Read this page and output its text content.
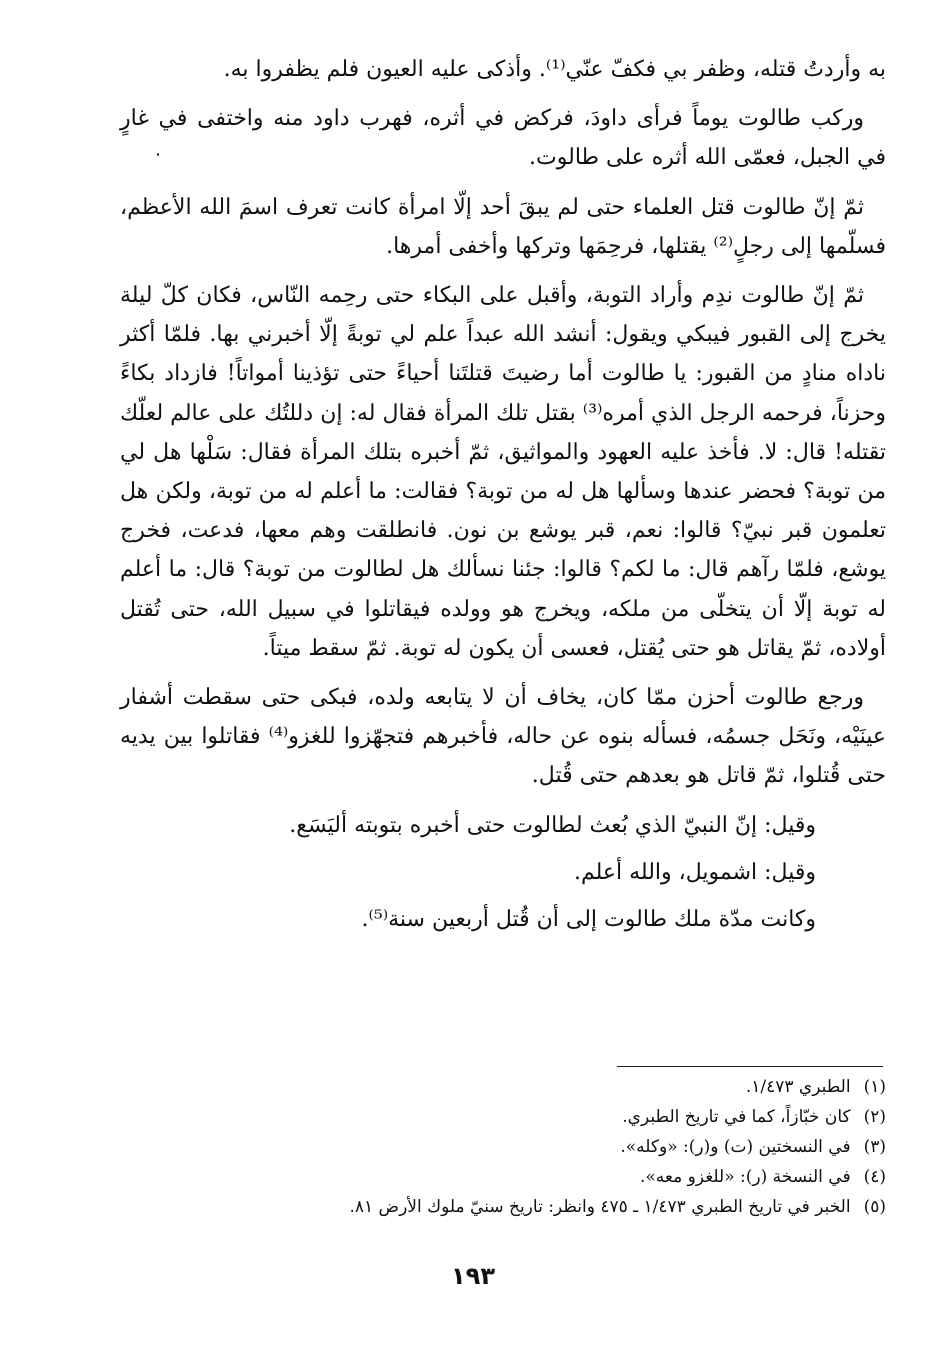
به وأردتُ قتله، وظفر بي فكفّ عنّي⁽¹⁾. وأذكى عليه العيون فلم يظفروا به.

وركب طالوت يوماً فرأى داودَ، فركض في أثره، فهرب داود منه واختفى في غارٍ في الجبل، فعمّى الله أثره على طالوت.

ثمّ إنّ طالوت قتل العلماء حتى لم يبقَ أحد إلّا امرأة كانت تعرف اسمَ الله الأعظم، فسلّمها إلى رجلٍ⁽²⁾ يقتلها، فرحِمَها وتركها وأخفى أمرها.

ثمّ إنّ طالوت ندِم وأراد التوبة، وأقبل على البكاء حتى رحِمه النّاس، فكان كلّ ليلة يخرج إلى القبور فيبكي ويقول: أنشد الله عبداً علم لي توبةً إلّا أخبرني بها. فلمّا أكثر ناداه منادٍ من القبور: يا طالوت أما رضيتَ قتلتَنا أحياءً حتى تؤذينا أمواتاً! فازداد بكاءً وحزناً، فرحمه الرجل الذي أمره⁽³⁾ بقتل تلك المرأة فقال له: إن دللتُك على عالم لعلّك تقتله! قال: لا. فأخذ عليه العهود والمواثيق، ثمّ أخبره بتلك المرأة فقال: سَلْها هل لي من توبة؟ فحضر عندها وسألها هل له من توبة؟ فقالت: ما أعلم له من توبة، ولكن هل تعلمون قبر نبيّ؟ قالوا: نعم، قبر يوشع بن نون. فانطلقت وهم معها، فدعت، فخرج يوشع، فلمّا رآهم قال: ما لكم؟ قالوا: جئنا نسألك هل لطالوت من توبة؟ قال: ما أعلم له توبة إلّا أن يتخلّى من ملكه، ويخرج هو وولده فيقاتلوا في سبيل الله، حتى تُقتل أولاده، ثمّ يقاتل هو حتى يُقتل، فعسى أن يكون له توبة. ثمّ سقط ميتاً.

ورجع طالوت أحزن ممّا كان، يخاف أن لا يتابعه ولده، فبكى حتى سقطت أشفار عينَيْه، ونَحَل جسمُه، فسأله بنوه عن حاله، فأخبرهم فتجهّزوا للغزو⁽⁴⁾ فقاتلوا بين يديه حتى قُتلوا، ثمّ قاتل هو بعدهم حتى قُتل.

وقيل: إنّ النبيّ الذي بُعث لطالوت حتى أخبره بتوبته أليَسَع.

وقيل: اشمويل، والله أعلم.

وكانت مدّة ملك طالوت إلى أن قُتل أربعين سنة⁽⁵⁾.

(١) الطبري ١/٤٧٣.
(٢) كان خبّازاً، كما في تاريخ الطبري.
(٣) في النسختين (ت) و(ر): «وكله».
(٤) في النسخة (ر): «للغزو معه».
(٥) الخبر في تاريخ الطبري ١/٤٧٣ ـ ٤٧٥ وانظر: تاريخ سنيّ ملوك الأرض ٨١.
١٩٣
